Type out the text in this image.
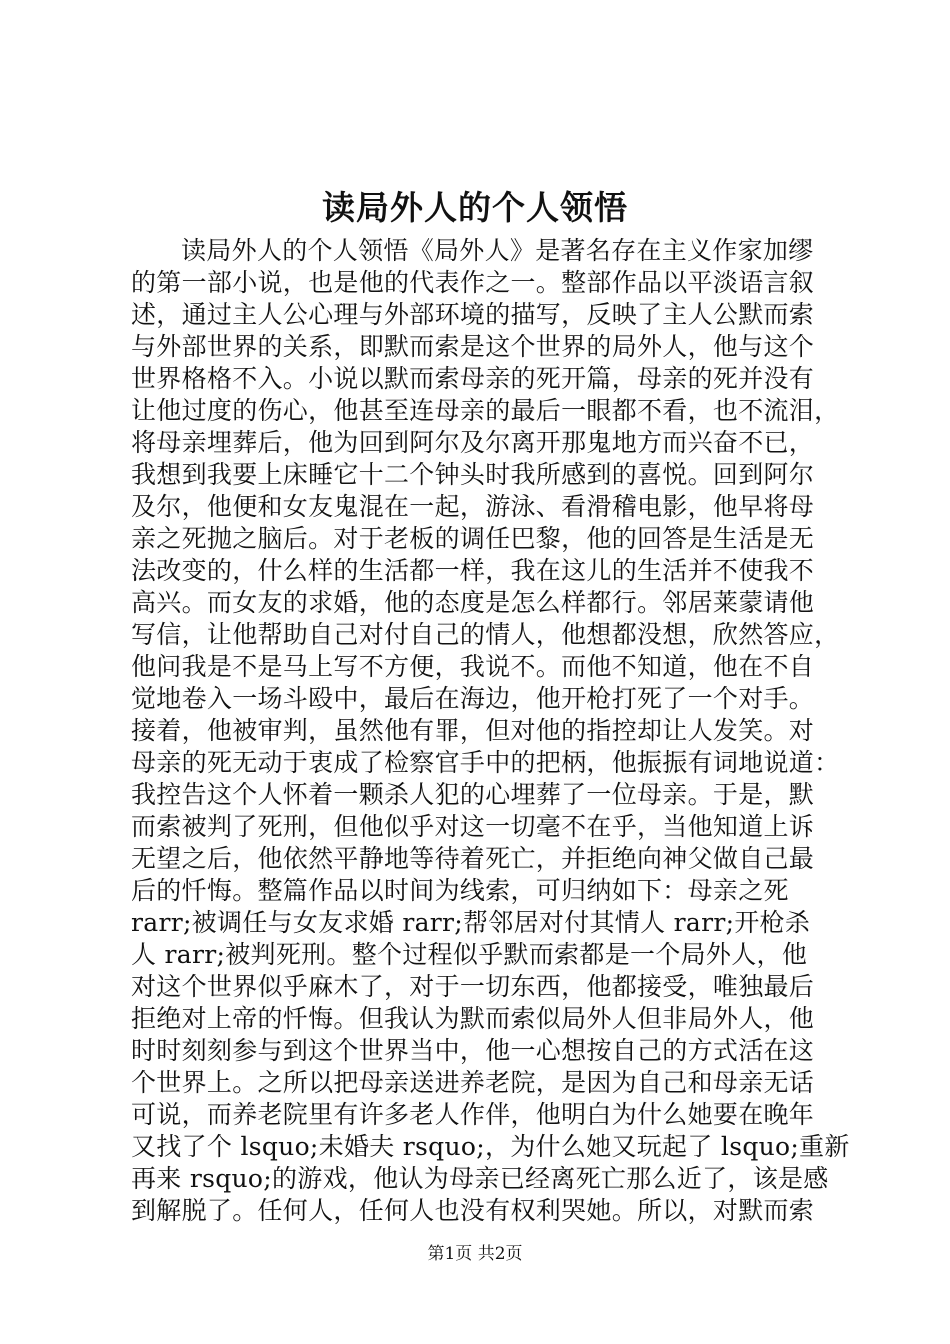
读局外人的个人领悟
读局外人的个人领悟《局外人》是著名存在主义作家加缪
的第一部小说，也是他的代表作之一。整部作品以平淡语言叙
述，通过主人公心理与外部环境的描写，反映了主人公默而索
与外部世界的关系，即默而索是这个世界的局外人，他与这个
世界格格不入。小说以默而索母亲的死开篇，母亲的死并没有
让他过度的伤心，他甚至连母亲的最后一眼都不看，也不流泪，
将母亲埋葬后，他为回到阿尔及尔离开那鬼地方而兴奋不已，
我想到我要上床睡它十二个钟头时我所感到的喜悦。回到阿尔
及尔，他便和女友鬼混在一起，游泳、看滑稽电影，他早将母
亲之死抛之脑后。对于老板的调任巴黎，他的回答是生活是无
法改变的，什么样的生活都一样，我在这儿的生活并不使我不
高兴。而女友的求婚，他的态度是怎么样都行。邻居莱蒙请他
写信，让他帮助自己对付自己的情人，他想都没想，欣然答应，
他问我是不是马上写不方便，我说不。而他不知道，他在不自
觉地卷入一场斗殴中，最后在海边，他开枪打死了一个对手。
接着，他被审判，虽然他有罪，但对他的指控却让人发笑。对
母亲的死无动于衷成了检察官手中的把柄，他振振有词地说道：
我控告这个人怀着一颗杀人犯的心埋葬了一位母亲。于是，默
而索被判了死刑，但他似乎对这一切毫不在乎，当他知道上诉
无望之后，他依然平静地等待着死亡，并拒绝向神父做自己最
后的忏悔。整篇作品以时间为线索，可归纳如下：母亲之死
rarr;被调任与女友求婚 rarr;帮邻居对付其情人 rarr;开枪杀
人 rarr;被判死刑。整个过程似乎默而索都是一个局外人，他
对这个世界似乎麻木了，对于一切东西，他都接受，唯独最后
拒绝对上帝的忏悔。但我认为默而索似局外人但非局外人，他
时时刻刻参与到这个世界当中，他一心想按自己的方式活在这
个世界上。之所以把母亲送进养老院，是因为自己和母亲无话
可说，而养老院里有许多老人作伴，他明白为什么她要在晚年
又找了个 lsquo;未婚夫 rsquo;，为什么她又玩起了 lsquo;重新
再来 rsquo;的游戏，他认为母亲已经离死亡那么近了，该是感
到解脱了。任何人，任何人也没有权利哭她。所以，对默而索
第1页 共2页
